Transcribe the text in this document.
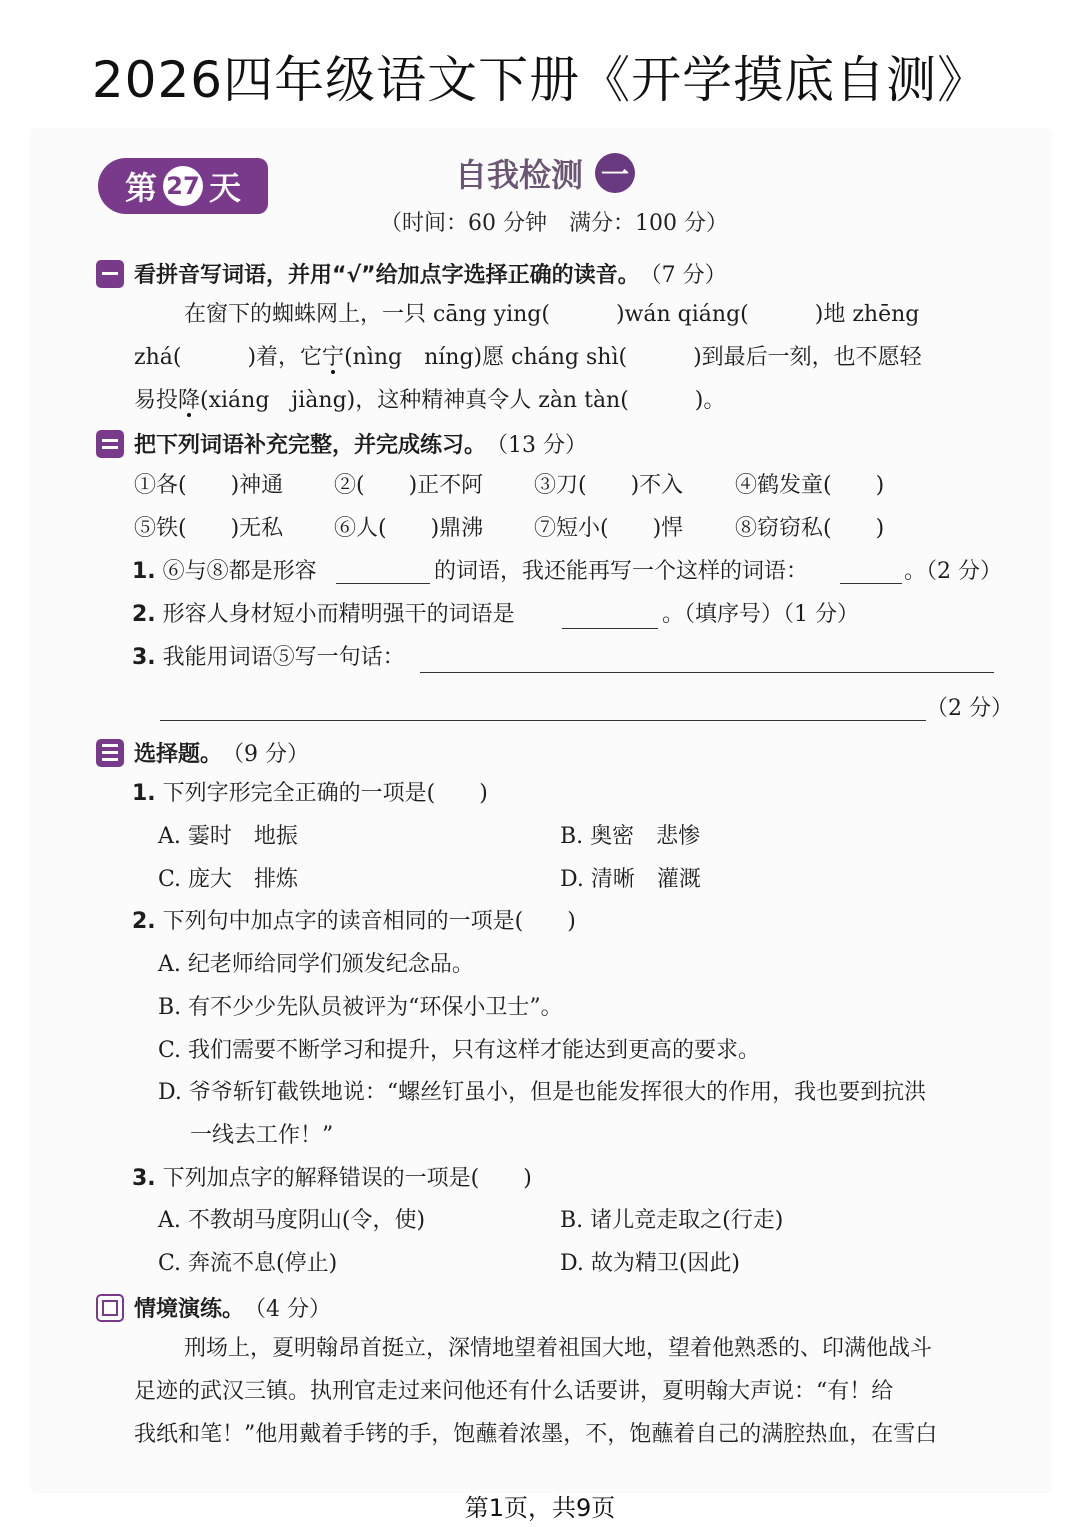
2026四年级语文下册《开学摸底自测》
第 27 天	自我检测 一
（时间：60 分钟　满分：100 分）
看拼音写词语，并用“√”给加点字选择正确的读音。 （7 分）
在窗下的蜘蛛网上，一只 cāng ying(　　　)wán qiáng(　　　)地 zhēng
zhá(　　　)着，它宁(nìng　níng)愿 cháng shì(　　　)到最后一刻，也不愿轻
易投降(xiáng　jiàng)，这种精神真令人 zàn tàn(　　　)。
把下列词语补充完整，并完成练习。 （13 分）
①各(　　)神通 ②(　　)正不阿 ③刀(　　)不入 ④鹤发童(　　)
⑤铁(　　)无私 ⑥人(　　)鼎沸 ⑦短小(　　)悍 ⑧窃窃私(　　)
1. ⑥与⑧都是形容	的词语，我还能再写一个这样的词语：	。（2 分）
2. 形容人身材短小而精明强干的词语是	。（填序号）（1 分）
3. 我能用词语⑤写一句话：
（2 分）
选择题。 （9 分）
1. 下列字形完全正确的一项是(　　)
A. 霎时　地振	B. 奥密　悲惨
C. 庞大　排炼	D. 清晰　灌溉
2. 下列句中加点字的读音相同的一项是(　　)
A. 纪老师给同学们颁发纪念品。
B. 有不少少先队员被评为“环保小卫士”。
C. 我们需要不断学习和提升，只有这样才能达到更高的要求。
D. 爷爷斩钉截铁地说：“螺丝钉虽小，但是也能发挥很大的作用，我也要到抗洪
一线去工作！”
3. 下列加点字的解释错误的一项是(　　)
A. 不教胡马度阴山(令，使)	B. 诸儿竞走取之(行走)
C. 奔流不息(停止)	D. 故为精卫(因此)
情境演练。 （4 分）
刑场上，夏明翰昂首挺立，深情地望着祖国大地，望着他熟悉的、印满他战斗
足迹的武汉三镇。执刑官走过来问他还有什么话要讲，夏明翰大声说：“有！给
我纸和笔！”他用戴着手铐的手，饱蘸着浓墨，不，饱蘸着自己的满腔热血，在雪白
第1页，共9页
